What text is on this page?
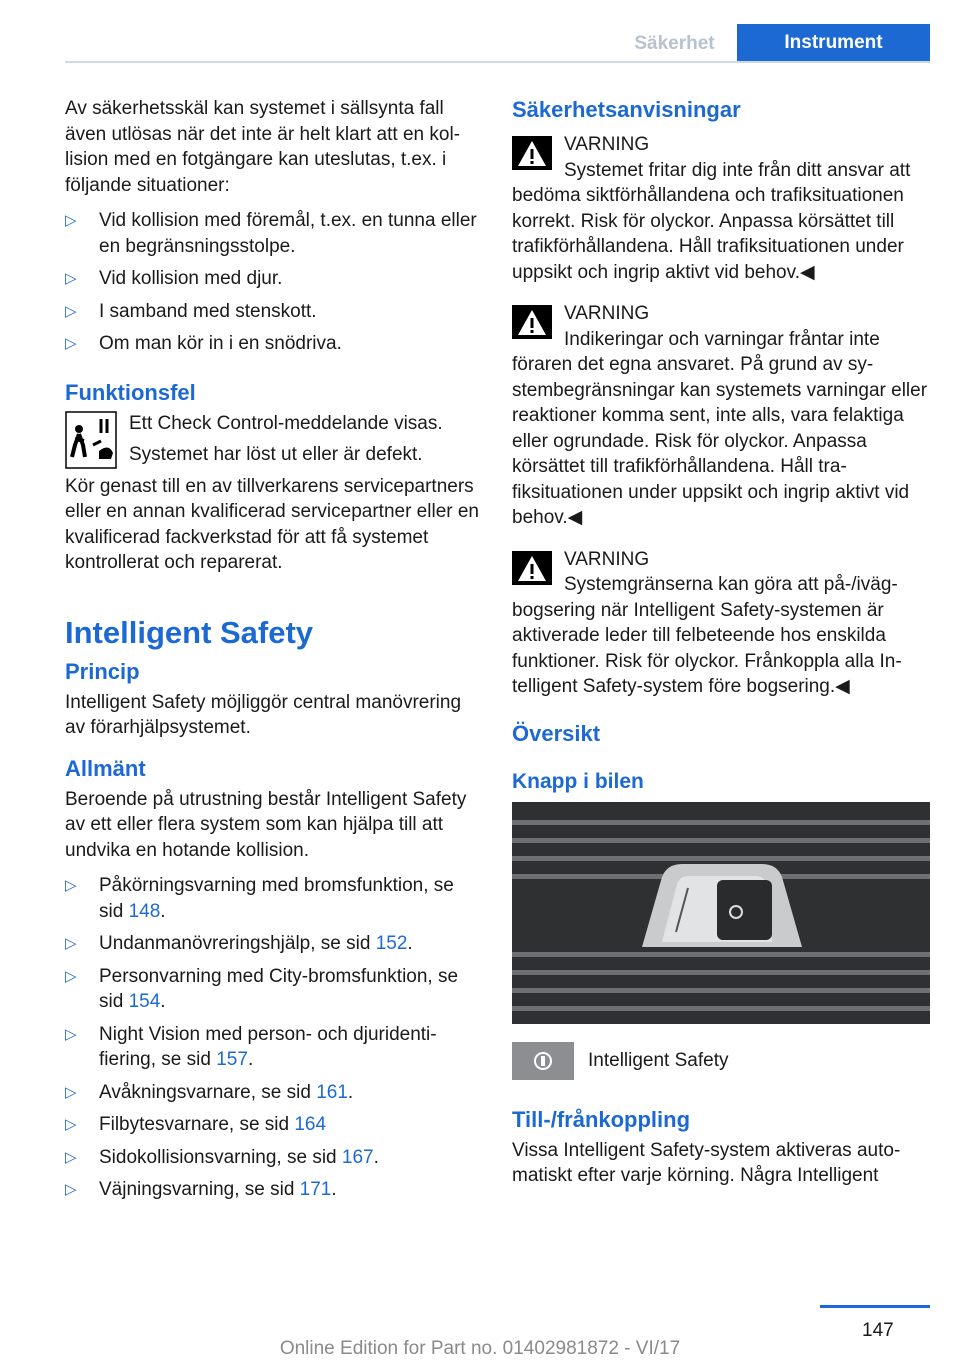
Säkerhet	Instrument

Av säkerhetsskäl kan systemet i sällsynta fall även utlösas när det inte är helt klart att en kollision med en fotgängare kan uteslutas, t.ex. i följande situationer:

▷ Vid kollision med föremål, t.ex. en tunna eller en begränsningsstolpe.
▷ Vid kollision med djur.
▷ I samband med stenskott.
▷ Om man kör in i en snödriva.
Funktionsfel

Ett Check Control-meddelande visas.

Systemet har löst ut eller är defekt.

Kör genast till en av tillverkarens servicepartners eller en annan kvalificerad servicepartner eller en kvalificerad fackverkstad för att få systemet kontrollerat och reparerat.

Intelligent Safety
Princip

Intelligent Safety möjliggör central manövrering av förarhjälpsystemet.

Allmänt

Beroende på utrustning består Intelligent Safety av ett eller flera system som kan hjälpa till att undvika en hotande kollision.

▷ Påkörningsvarning med bromsfunktion, se sid 148.
▷ Undanmanövreringshjälp, se sid 152.
▷ Personvarning med City-bromsfunktion, se sid 154.
▷ Night Vision med person- och djuridentifiering, se sid 157.
▷ Avåkningsvarnare, se sid 161.
▷ Filbytesvarnare, se sid 164
▷ Sidokollisionsvarning, se sid 167.
▷ Väjningsvarning, se sid 171.
Säkerhetsanvisningar
VARNING
Systemet fritar dig inte från ditt ansvar att bedöma siktförhållandena och trafiksituationen korrekt. Risk för olyckor. Anpassa körsättet till trafikförhållandena. Håll trafiksituationen under uppsikt och ingrip aktivt vid behov.◀
VARNING
Indikeringar och varningar fråntar inte föraren det egna ansvaret. På grund av systembegränsningar kan systemets varningar eller reaktioner komma sent, inte alls, vara felaktiga eller ogrundade. Risk för olyckor. Anpassa körsättet till trafikförhållandena. Håll trafiksituationen under uppsikt och ingrip aktivt vid behov.◀
VARNING
Systemgränserna kan göra att på-/ivägbogsering när Intelligent Safety-systemen är aktiverade leder till felbeteende hos enskilda funktioner. Risk för olyckor. Frånkoppla alla Intelligent Safety-system före bogsering.◀
Översikt
Knapp i bilen

Intelligent Safety

Till-/frånkoppling

Vissa Intelligent Safety-system aktiveras automatiskt efter varje körning. Några Intelligent

147
Online Edition for Part no. 01402981872 - VI/17
